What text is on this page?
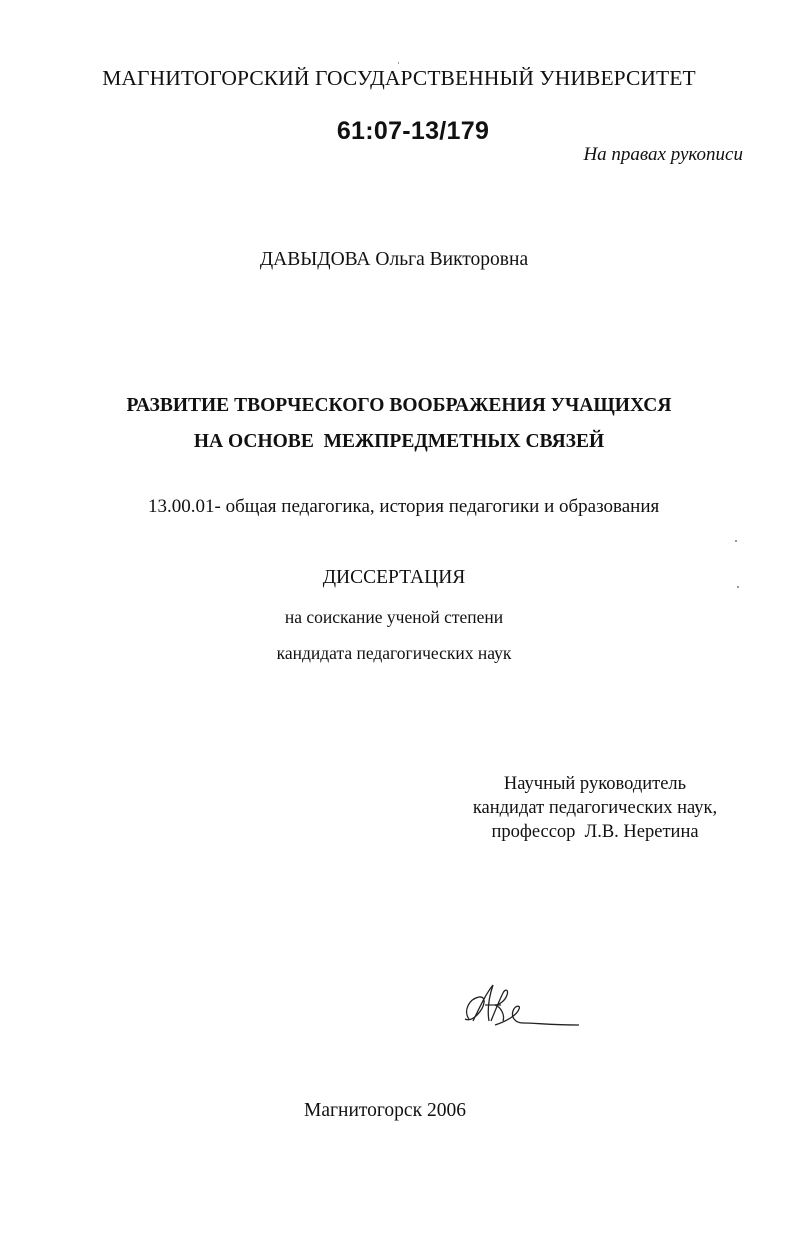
МАГНИТОГОРСКИЙ ГОСУДАРСТВЕННЫЙ УНИВЕРСИТЕТ

61:07-13/179

На правах рукописи

ДАВЫДОВА Ольга Викторовна

РАЗВИТИЕ ТВОРЧЕСКОГО ВООБРАЖЕНИЯ УЧАЩИХСЯ
НА ОСНОВЕ  МЕЖПРЕДМЕТНЫХ СВЯЗЕЙ

13.00.01- общая педагогика, история педагогики и образования

ДИССЕРТАЦИЯ

на соискание ученой степени

кандидата педагогических наук

Научный руководитель
кандидат педагогических наук,
профессор  Л.В. Неретина

Магнитогорск 2006
